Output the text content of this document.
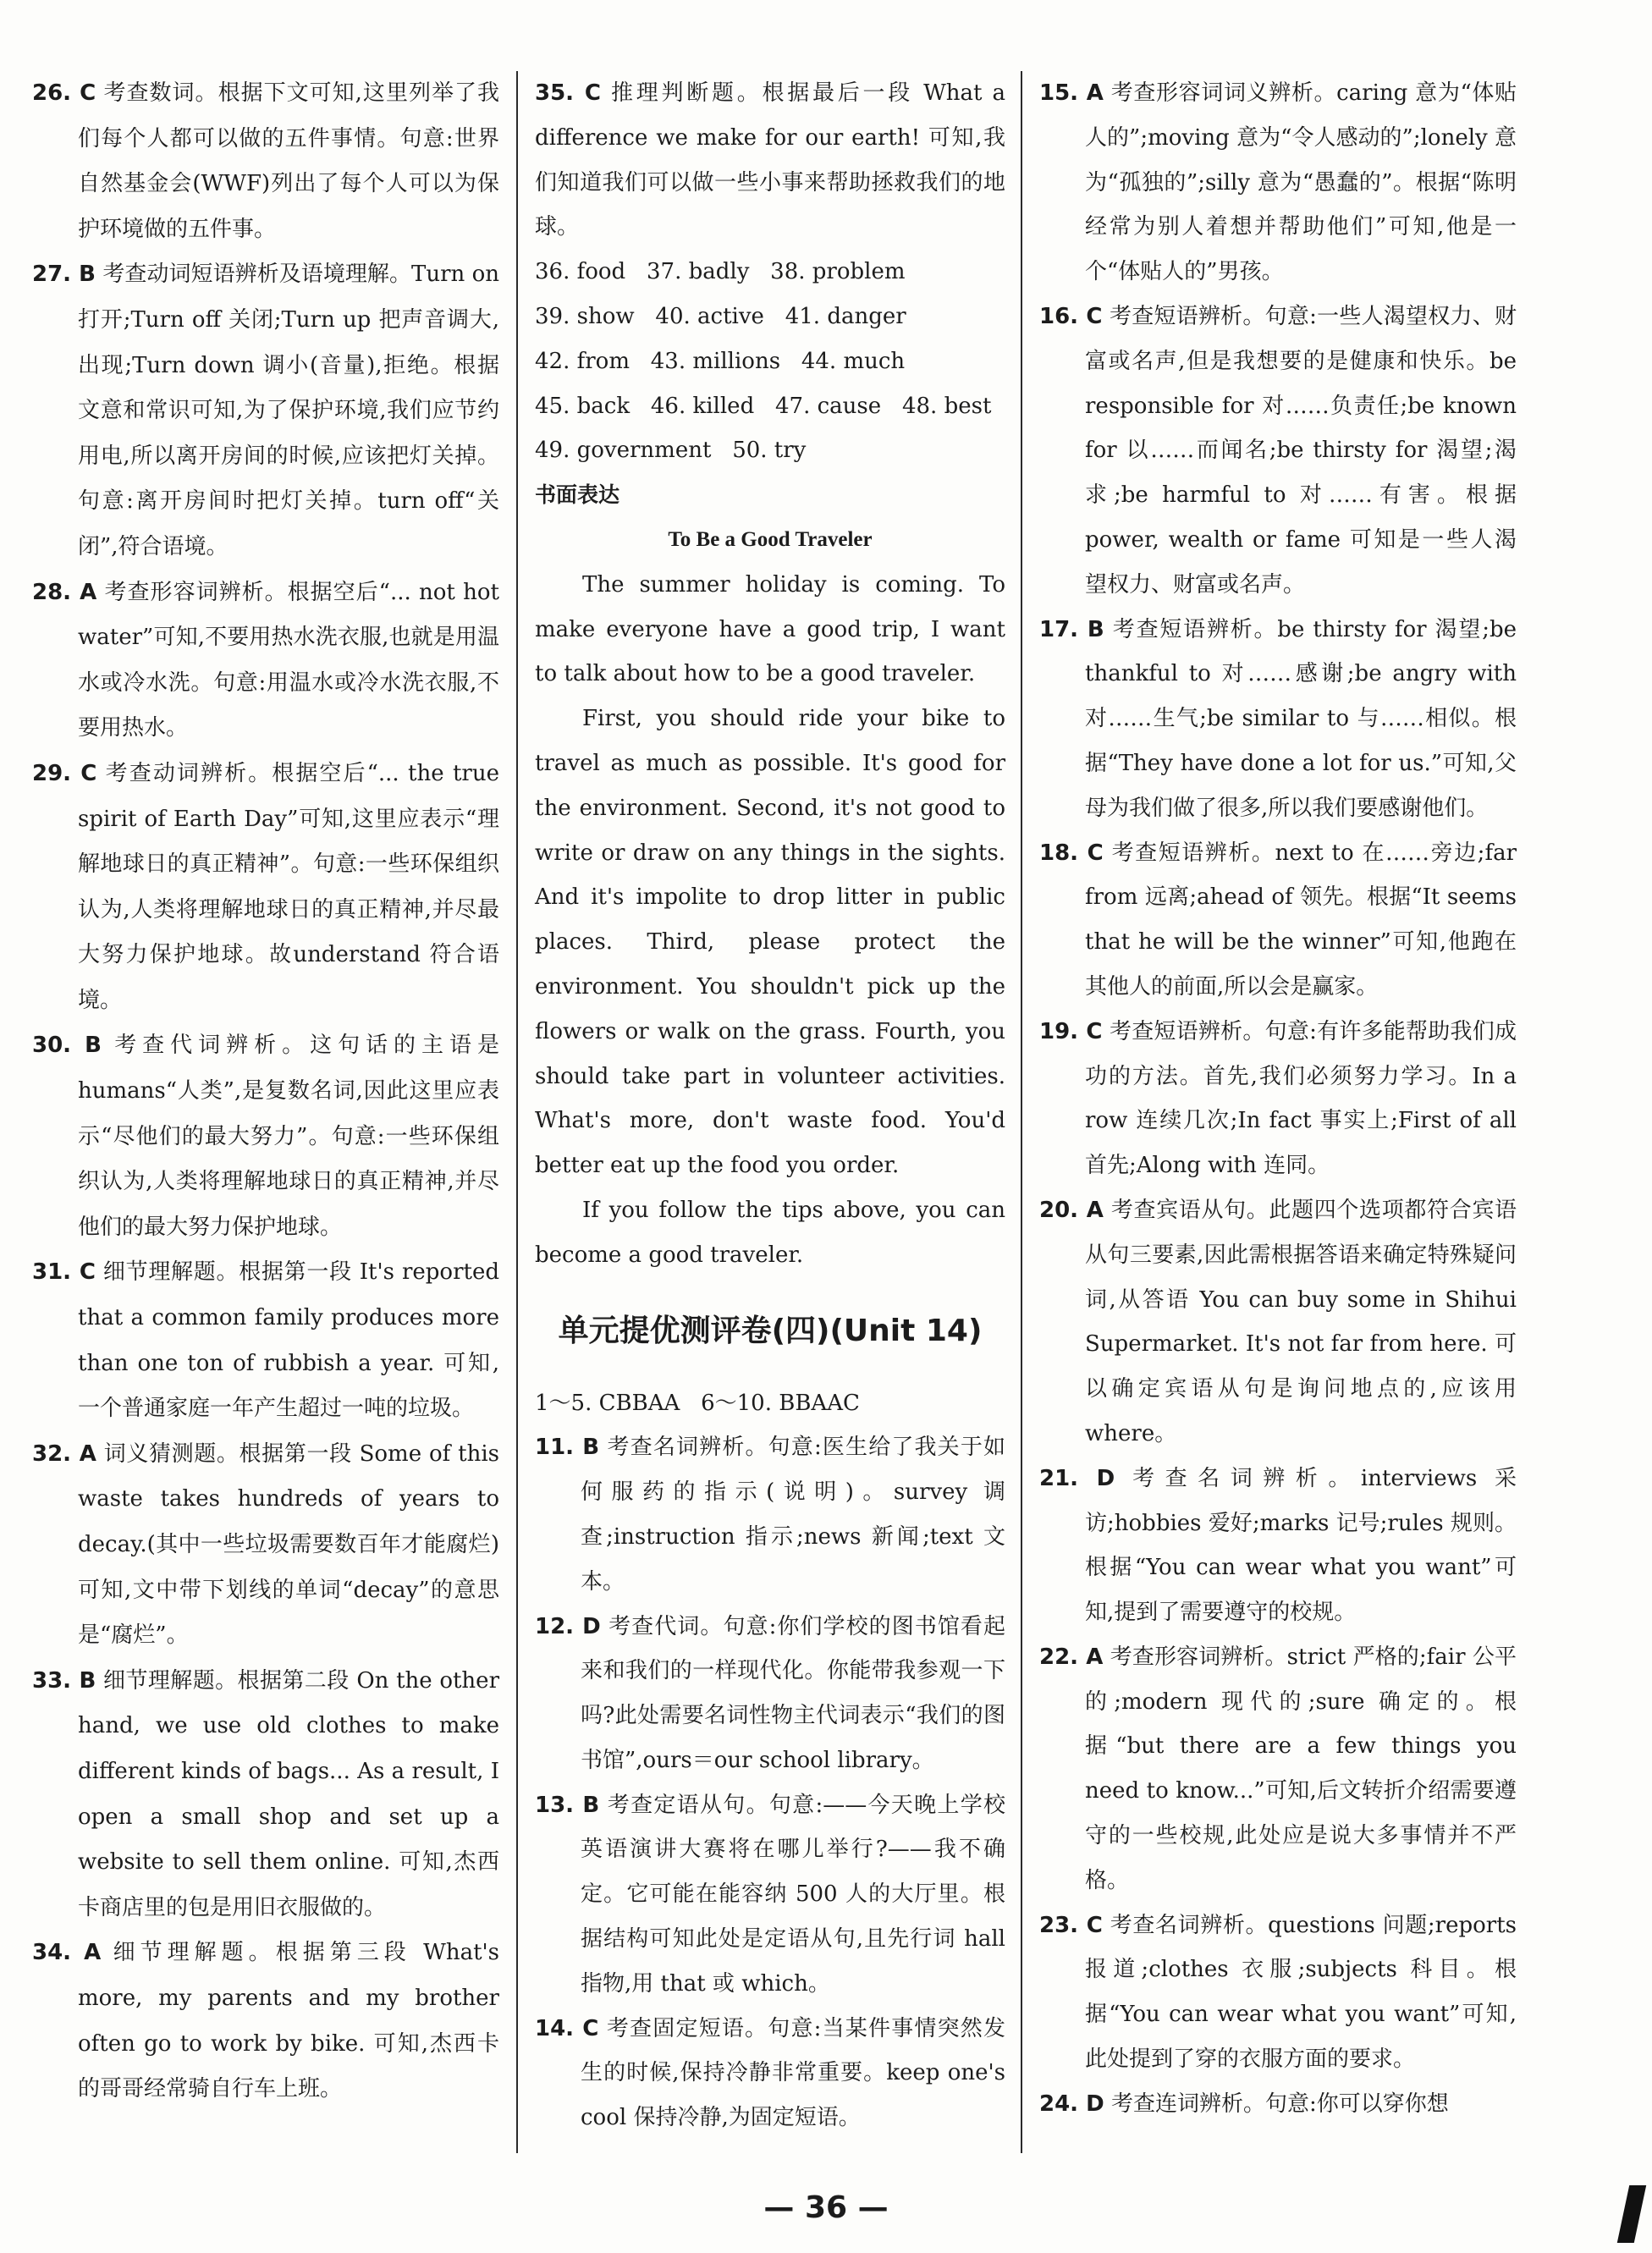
26. C 考查数词。根据下文可知,这里列举了我们每个人都可以做的五件事情。句意:世界自然基金会(WWF)列出了每个人可以为保护环境做的五件事。
27. B 考查动词短语辨析及语境理解。Turn on 打开;Turn off 关闭;Turn up 把声音调大,出现;Turn down 调小(音量),拒绝。根据文意和常识可知,为了保护环境,我们应节约用电,所以离开房间的时候,应该把灯关掉。句意:离开房间时把灯关掉。turn off“关闭”,符合语境。
28. A 考查形容词辨析。根据空后“... not hot water”可知,不要用热水洗衣服,也就是用温水或冷水洗。句意:用温水或冷水洗衣服,不要用热水。
29. C 考查动词辨析。根据空后“... the true spirit of Earth Day”可知,这里应表示“理解地球日的真正精神”。句意:一些环保组织认为,人类将理解地球日的真正精神,并尽最大努力保护地球。故understand 符合语境。
30. B 考查代词辨析。这句话的主语是humans“人类”,是复数名词,因此这里应表示“尽他们的最大努力”。句意:一些环保组织认为,人类将理解地球日的真正精神,并尽他们的最大努力保护地球。
31. C 细节理解题。根据第一段 It's reported that a common family produces more than one ton of rubbish a year. 可知,一个普通家庭一年产生超过一吨的垃圾。
32. A 词义猜测题。根据第一段 Some of this waste takes hundreds of years to decay.(其中一些垃圾需要数百年才能腐烂)可知,文中带下划线的单词“decay”的意思是“腐烂”。
33. B 细节理解题。根据第二段 On the other hand, we use old clothes to make different kinds of bags... As a result, I open a small shop and set up a website to sell them online. 可知,杰西卡商店里的包是用旧衣服做的。
34. A 细节理解题。根据第三段 What's more, my parents and my brother often go to work by bike. 可知,杰西卡的哥哥经常骑自行车上班。
35. C 推理判断题。根据最后一段 What a difference we make for our earth! 可知,我们知道我们可以做一些小事来帮助拯救我们的地球。
36. food   37. badly   38. problem
39. show   40. active   41. danger
42. from   43. millions   44. much
45. back   46. killed   47. cause   48. best
49. government   50. try
书面表达
To Be a Good Traveler
The summer holiday is coming. To make everyone have a good trip, I want to talk about how to be a good traveler.
First, you should ride your bike to travel as much as possible. It's good for the environment. Second, it's not good to write or draw on any things in the sights. And it's impolite to drop litter in public places. Third, please protect the environment. You shouldn't pick up the flowers or walk on the grass. Fourth, you should take part in volunteer activities. What's more, don't waste food. You'd better eat up the food you order.
If you follow the tips above, you can become a good traveler.
单元提优测评卷(四)(Unit 14)
1～5. CBBAA   6～10. BBAAC
11. B 考查名词辨析。句意:医生给了我关于如何服药的指示(说明)。survey 调查;instruction 指示;news 新闻;text 文本。
12. D 考查代词。句意:你们学校的图书馆看起来和我们的一样现代化。你能带我参观一下吗?此处需要名词性物主代词表示“我们的图书馆”,ours＝our school library。
13. B 考查定语从句。句意:——今天晚上学校英语演讲大赛将在哪儿举行?——我不确定。它可能在能容纳 500 人的大厅里。根据结构可知此处是定语从句,且先行词 hall 指物,用 that 或 which。
14. C 考查固定短语。句意:当某件事情突然发生的时候,保持冷静非常重要。keep one's cool 保持冷静,为固定短语。
15. A 考查形容词词义辨析。caring 意为“体贴人的”;moving 意为“令人感动的”;lonely 意为“孤独的”;silly 意为“愚蠢的”。根据“陈明经常为别人着想并帮助他们”可知,他是一个“体贴人的”男孩。
16. C 考查短语辨析。句意:一些人渴望权力、财富或名声,但是我想要的是健康和快乐。be responsible for 对……负责任;be known for 以……而闻名;be thirsty for 渴望;渴求;be harmful to 对……有害。根据 power, wealth or fame 可知是一些人渴望权力、财富或名声。
17. B 考查短语辨析。be thirsty for 渴望;be thankful to 对……感谢;be angry with 对……生气;be similar to 与……相似。根据“They have done a lot for us.”可知,父母为我们做了很多,所以我们要感谢他们。
18. C 考查短语辨析。next to 在……旁边;far from 远离;ahead of 领先。根据“It seems that he will be the winner”可知,他跑在其他人的前面,所以会是赢家。
19. C 考查短语辨析。句意:有许多能帮助我们成功的方法。首先,我们必须努力学习。In a row 连续几次;In fact 事实上;First of all 首先;Along with 连同。
20. A 考查宾语从句。此题四个选项都符合宾语从句三要素,因此需根据答语来确定特殊疑问词,从答语 You can buy some in Shihui Supermarket. It's not far from here. 可以确定宾语从句是询问地点的,应该用 where。
21. D 考查名词辨析。interviews 采访;hobbies 爱好;marks 记号;rules 规则。根据“You can wear what you want”可知,提到了需要遵守的校规。
22. A 考查形容词辨析。strict 严格的;fair 公平的;modern 现代的;sure 确定的。根据“but there are a few things you need to know...”可知,后文转折介绍需要遵守的一些校规,此处应是说大多事情并不严格。
23. C 考查名词辨析。questions 问题;reports 报道;clothes 衣服;subjects 科目。根据“You can wear what you want”可知,此处提到了穿的衣服方面的要求。
24. D 考查连词辨析。句意:你可以穿你想
— 36 —
